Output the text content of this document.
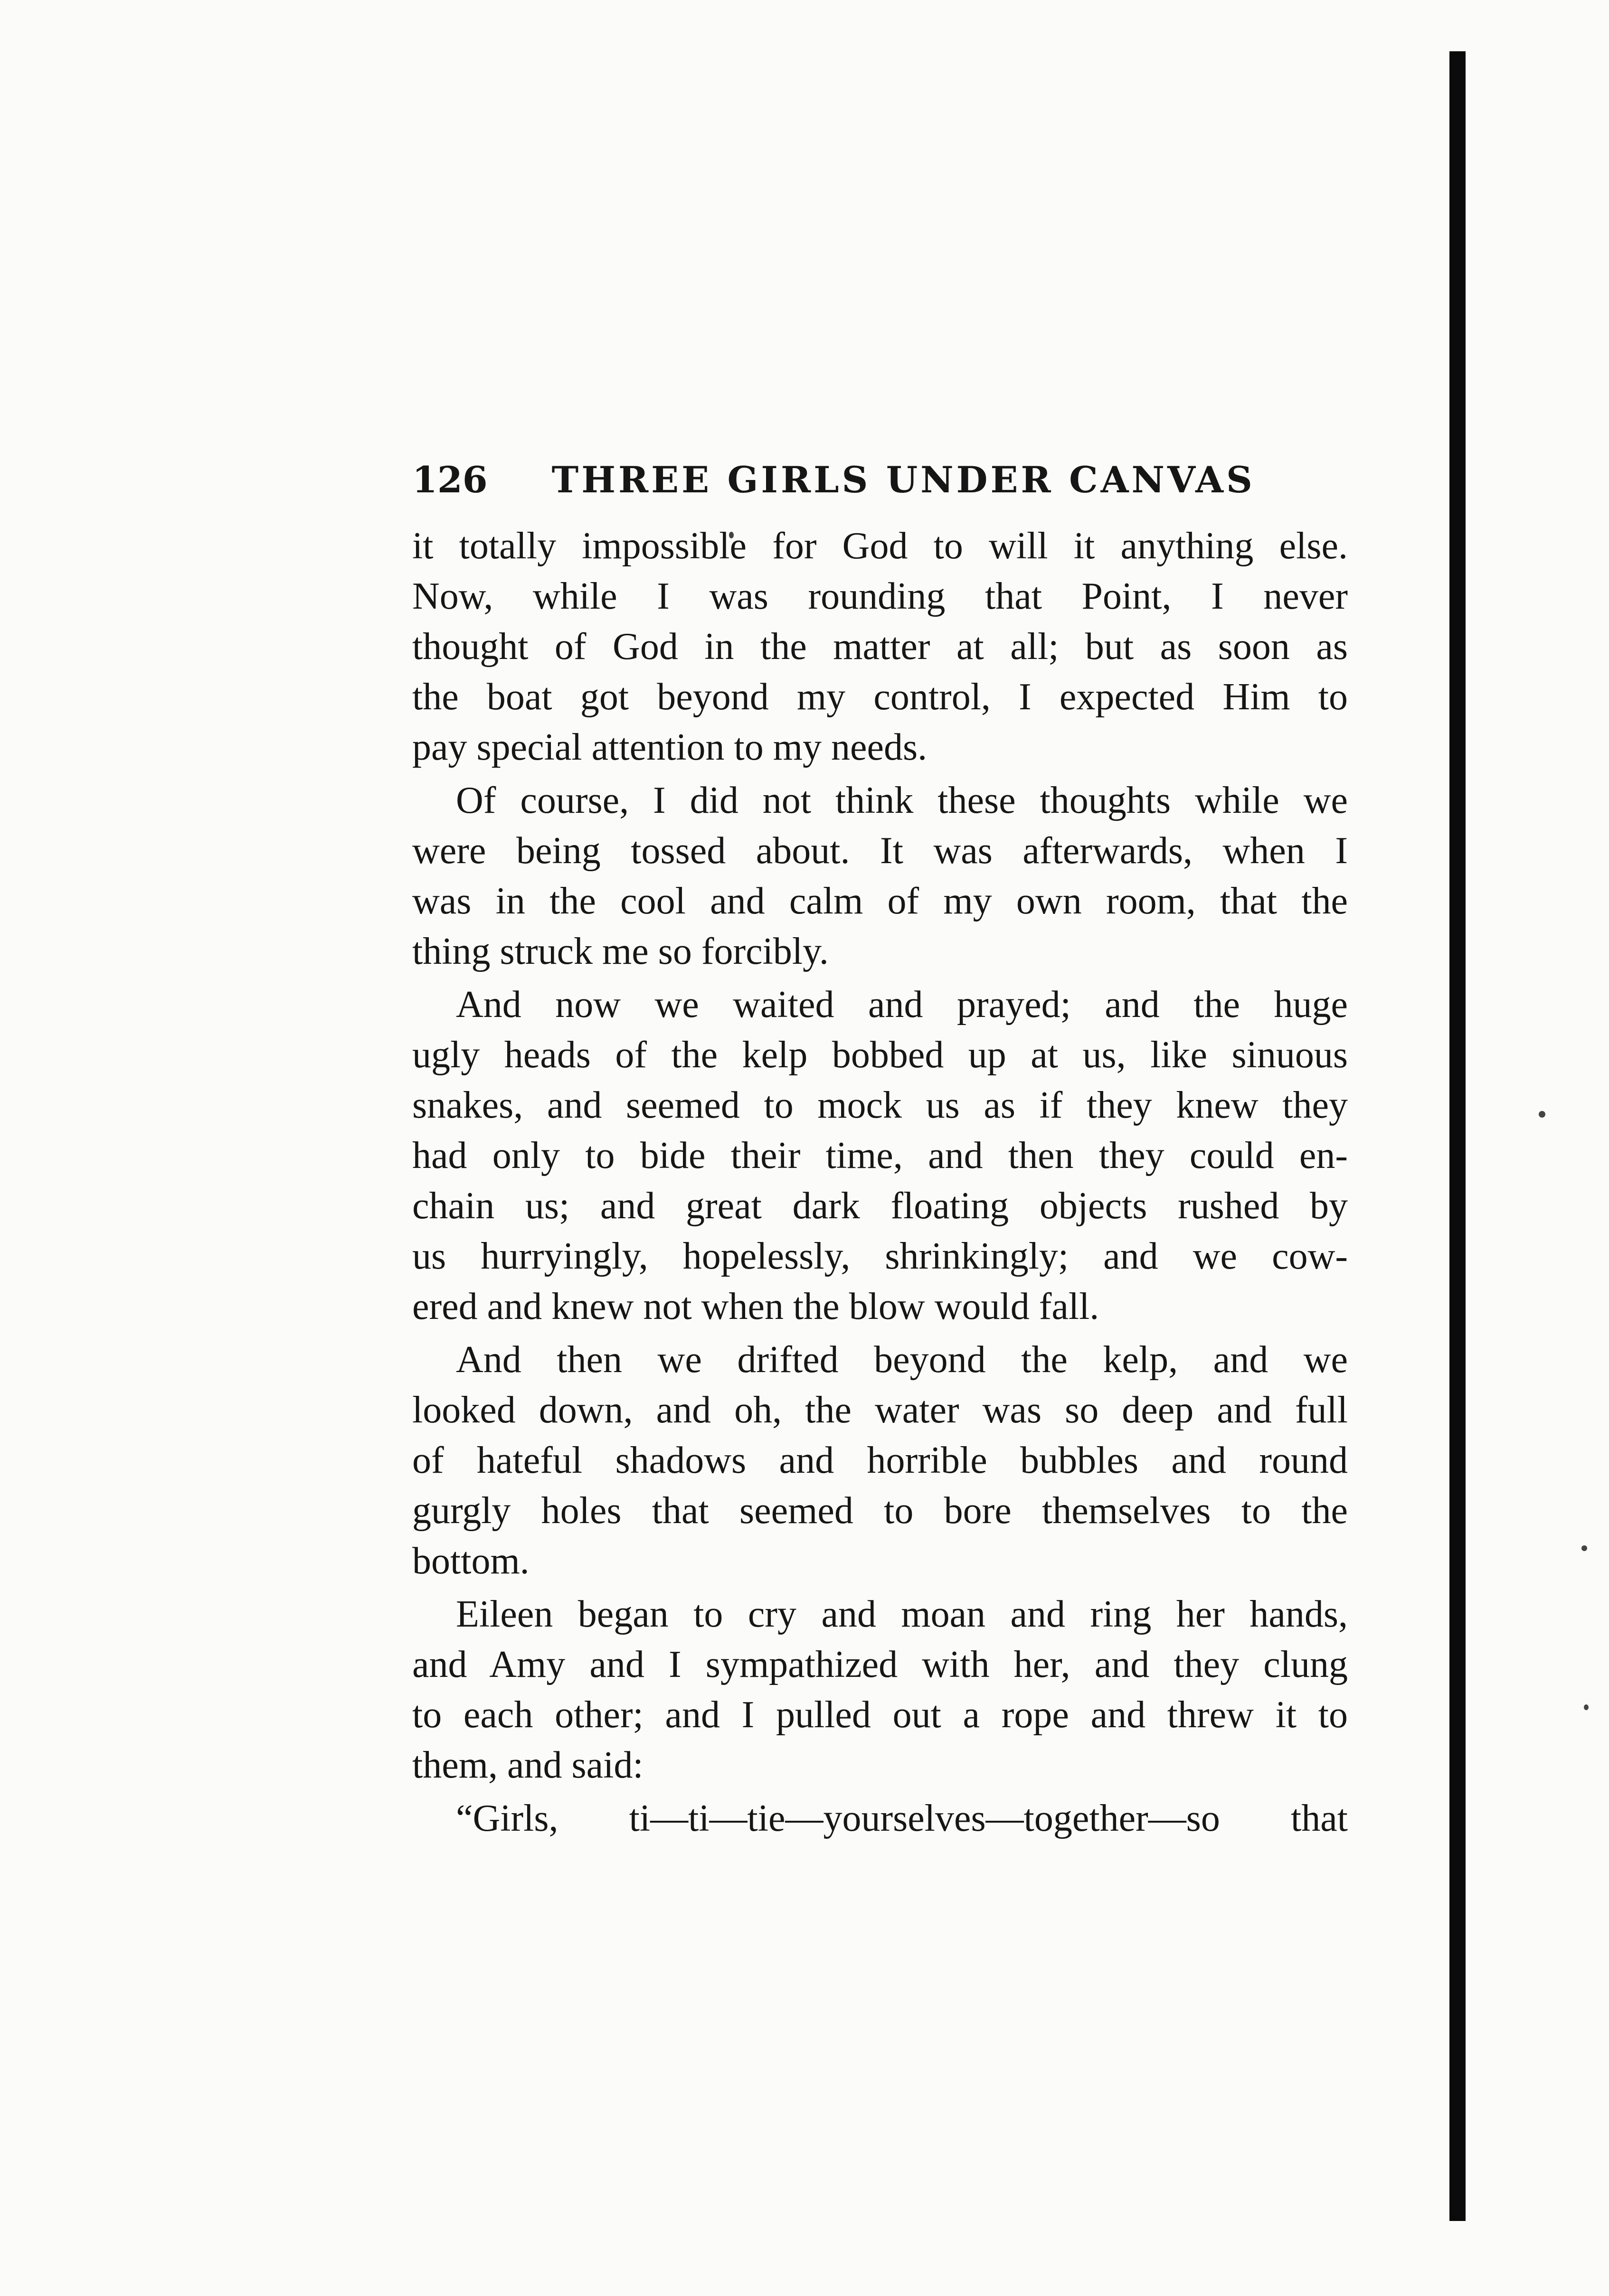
126 THREE GIRLS UNDER CANVAS

it totally impossible for God to will it anything else.
Now, while I was rounding that Point, I never
thought of God in the matter at all; but as soon as
the boat got beyond my control, I expected Him to
pay special attention to my needs.

Of course, I did not think these thoughts while we
were being tossed about. It was afterwards, when I
was in the cool and calm of my own room, that the
thing struck me so forcibly.

And now we waited and prayed; and the huge
ugly heads of the kelp bobbed up at us, like sinuous
snakes, and seemed to mock us as if they knew they
had only to bide their time, and then they could en-
chain us; and great dark floating objects rushed by
us hurryingly, hopelessly, shrinkingly; and we cow-
ered and knew not when the blow would fall.

And then we drifted beyond the kelp, and we
looked down, and oh, the water was so deep and full
of hateful shadows and horrible bubbles and round
gurgly holes that seemed to bore themselves to the
bottom.

Eileen began to cry and moan and ring her hands,
and Amy and I sympathized with her, and they clung
to each other; and I pulled out a rope and threw it to
them, and said:

“Girls, ti—ti—tie—yourselves—together—so that
